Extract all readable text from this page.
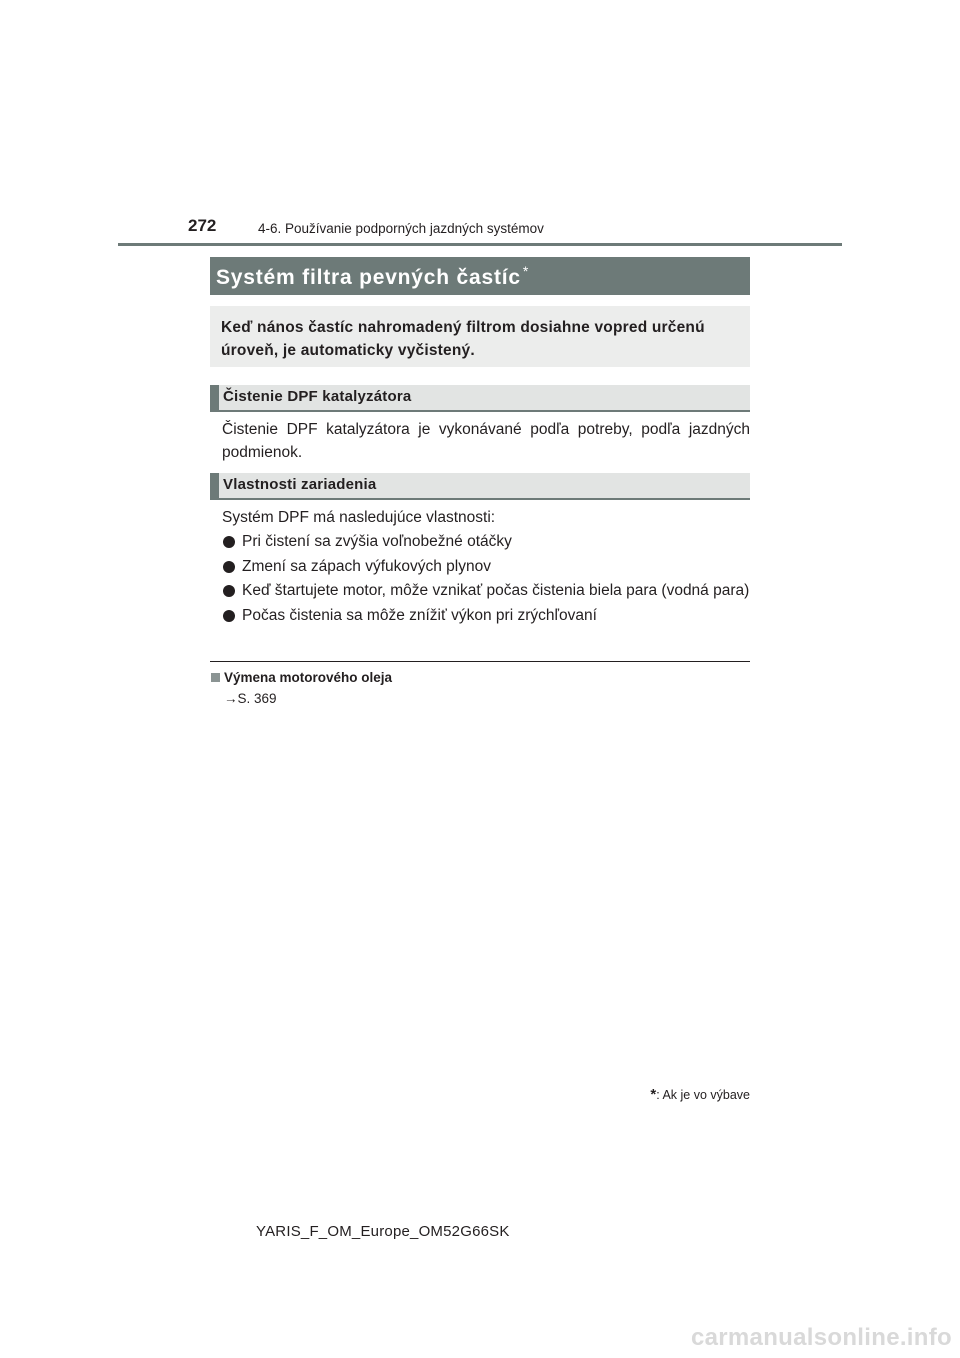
272	4-6. Používanie podporných jazdných systémov
Systém filtra pevných častíc *
Keď nános častíc nahromadený filtrom dosiahne vopred určenú úroveň, je automaticky vyčistený.
Čistenie DPF katalyzátora
Čistenie DPF katalyzátora je vykonávané podľa potreby, podľa jazdných podmienok.
Vlastnosti zariadenia
Systém DPF má nasledujúce vlastnosti:
Pri čistení sa zvýšia voľnobežné otáčky
Zmení sa zápach výfukových plynov
Keď štartujete motor, môže vznikať počas čistenia biela para (vodná para)
Počas čistenia sa môže znížiť výkon pri zrýchľovaní
Výmena motorového oleja
→S. 369
*: Ak je vo výbave
YARIS_F_OM_Europe_OM52G66SK
carmanualsonline.info
